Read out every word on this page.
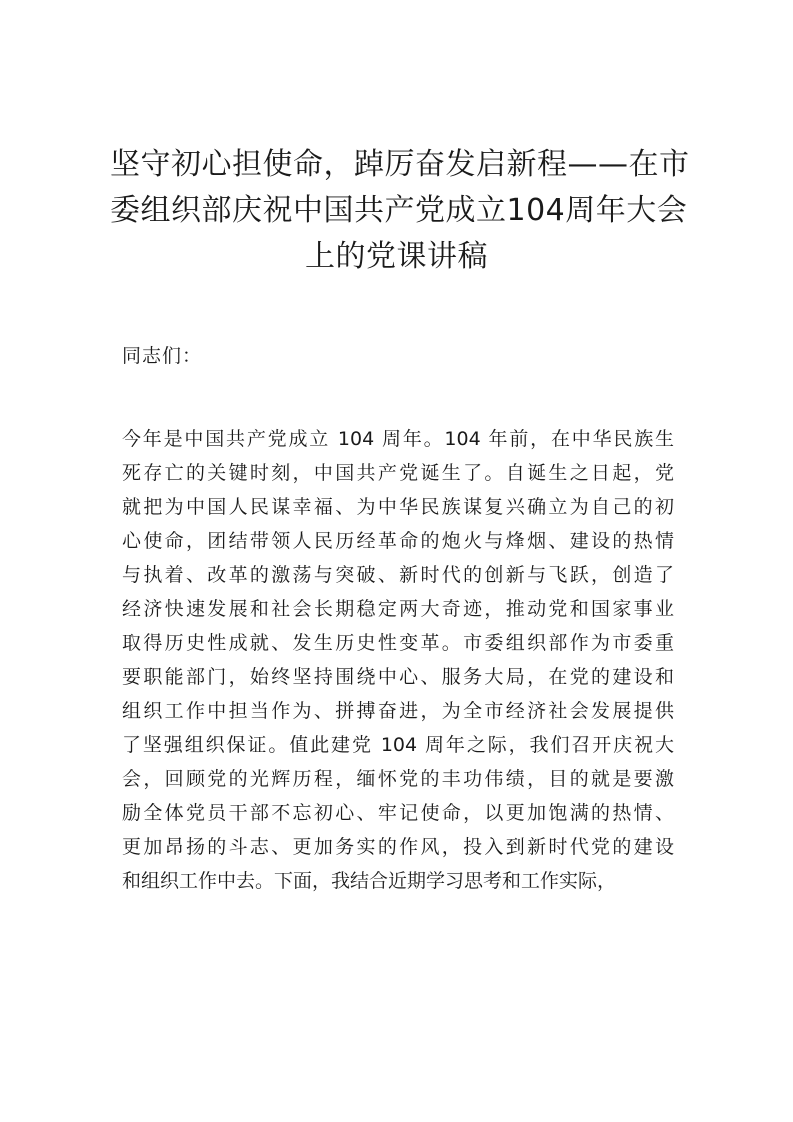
坚守初心担使命，踔厉奋发启新程——在市
委组织部庆祝中国共产党成立104周年大会
上的党课讲稿
同志们：
今年是中国共产党成立 104 周年。104 年前，在中华民族生
死存亡的关键时刻，中国共产党诞生了。自诞生之日起，党
就把为中国人民谋幸福、为中华民族谋复兴确立为自己的初
心使命，团结带领人民历经革命的炮火与烽烟、建设的热情
与执着、改革的激荡与突破、新时代的创新与飞跃，创造了
经济快速发展和社会长期稳定两大奇迹，推动党和国家事业
取得历史性成就、发生历史性变革。市委组织部作为市委重
要职能部门，始终坚持围绕中心、服务大局，在党的建设和
组织工作中担当作为、拼搏奋进，为全市经济社会发展提供
了坚强组织保证。值此建党 104 周年之际，我们召开庆祝大
会，回顾党的光辉历程，缅怀党的丰功伟绩，目的就是要激
励全体党员干部不忘初心、牢记使命，以更加饱满的热情、
更加昂扬的斗志、更加务实的作风，投入到新时代党的建设
和组织工作中去。下面，我结合近期学习思考和工作实际，
